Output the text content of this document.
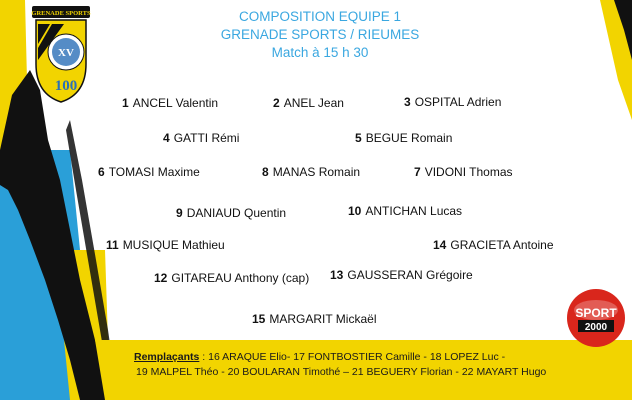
GRENADE SPORTS
XV
100
COMPOSITION EQUIPE 1
GRENADE SPORTS / RIEUMES
Match à 15 h 30
1 ANCEL Valentin	2 ANEL Jean	3 OSPITAL Adrien
4 GATTI Rémi	5 BEGUE Romain
6 TOMASI Maxime	8 MANAS Romain	7 VIDONI Thomas
9 DANIAUD Quentin	10 ANTICHAN Lucas
11 MUSIQUE Mathieu	14 GRACIETA Antoine
12 GITAREAU Anthony (cap) 13 GAUSSERAN Grégoire
15 MARGARIT Mickaël	SPORT
2000
Remplaçants : 16 ARAQUE Elio- 17 FONTBOSTIER Camille - 18 LOPEZ Luc -
19 MALPEL Théo - 20 BOULARAN Timothé – 21 BEGUERY Florian - 22 MAYART Hugo
